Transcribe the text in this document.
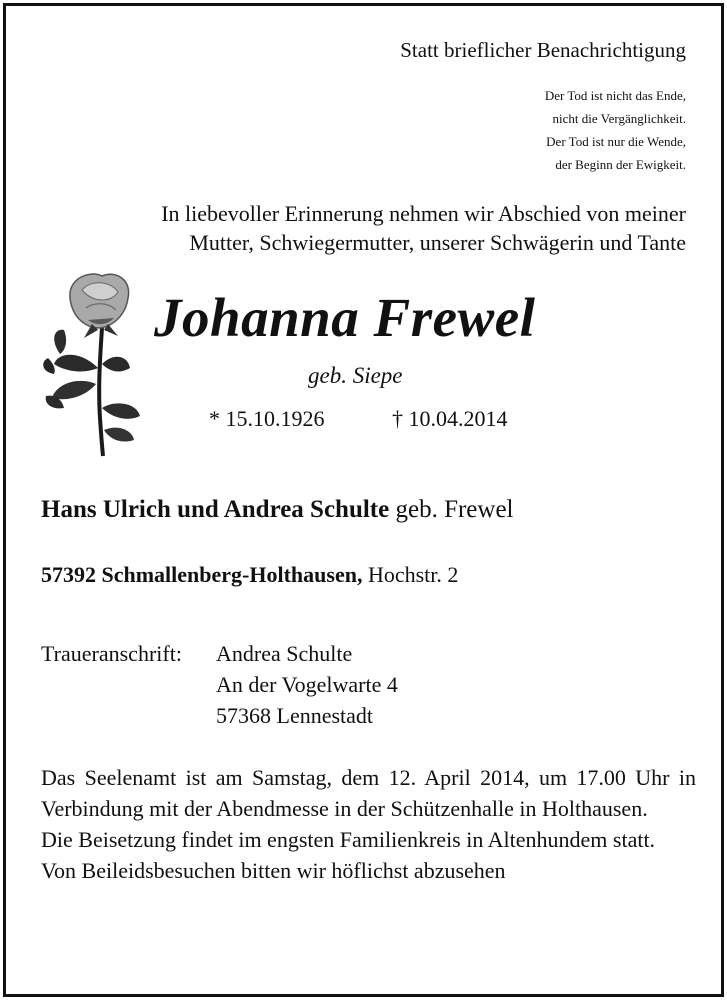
Statt brieflicher Benachrichtigung
Der Tod ist nicht das Ende,
nicht die Vergänglichkeit.
Der Tod ist nur die Wende,
der Beginn der Ewigkeit.
In liebevoller Erinnerung nehmen wir Abschied von meiner
Mutter, Schwiegermutter, unserer Schwägerin und Tante
Johanna Frewel
geb. Siepe
* 15.10.1926	† 10.04.2014
Hans Ulrich und Andrea Schulte geb. Frewel
57392 Schmallenberg-Holthausen, Hochstr. 2
Traueranschrift: Andrea Schulte
An der Vogelwarte 4
57368 Lennestadt
Das Seelenamt ist am Samstag, dem 12. April 2014, um 17.00 Uhr in Verbindung mit der Abendmesse in der Schützenhalle in Holthausen.
Die Beisetzung findet im engsten Familienkreis in Altenhundem statt.
Von Beileidsbesuchen bitten wir höflichst abzusehen
